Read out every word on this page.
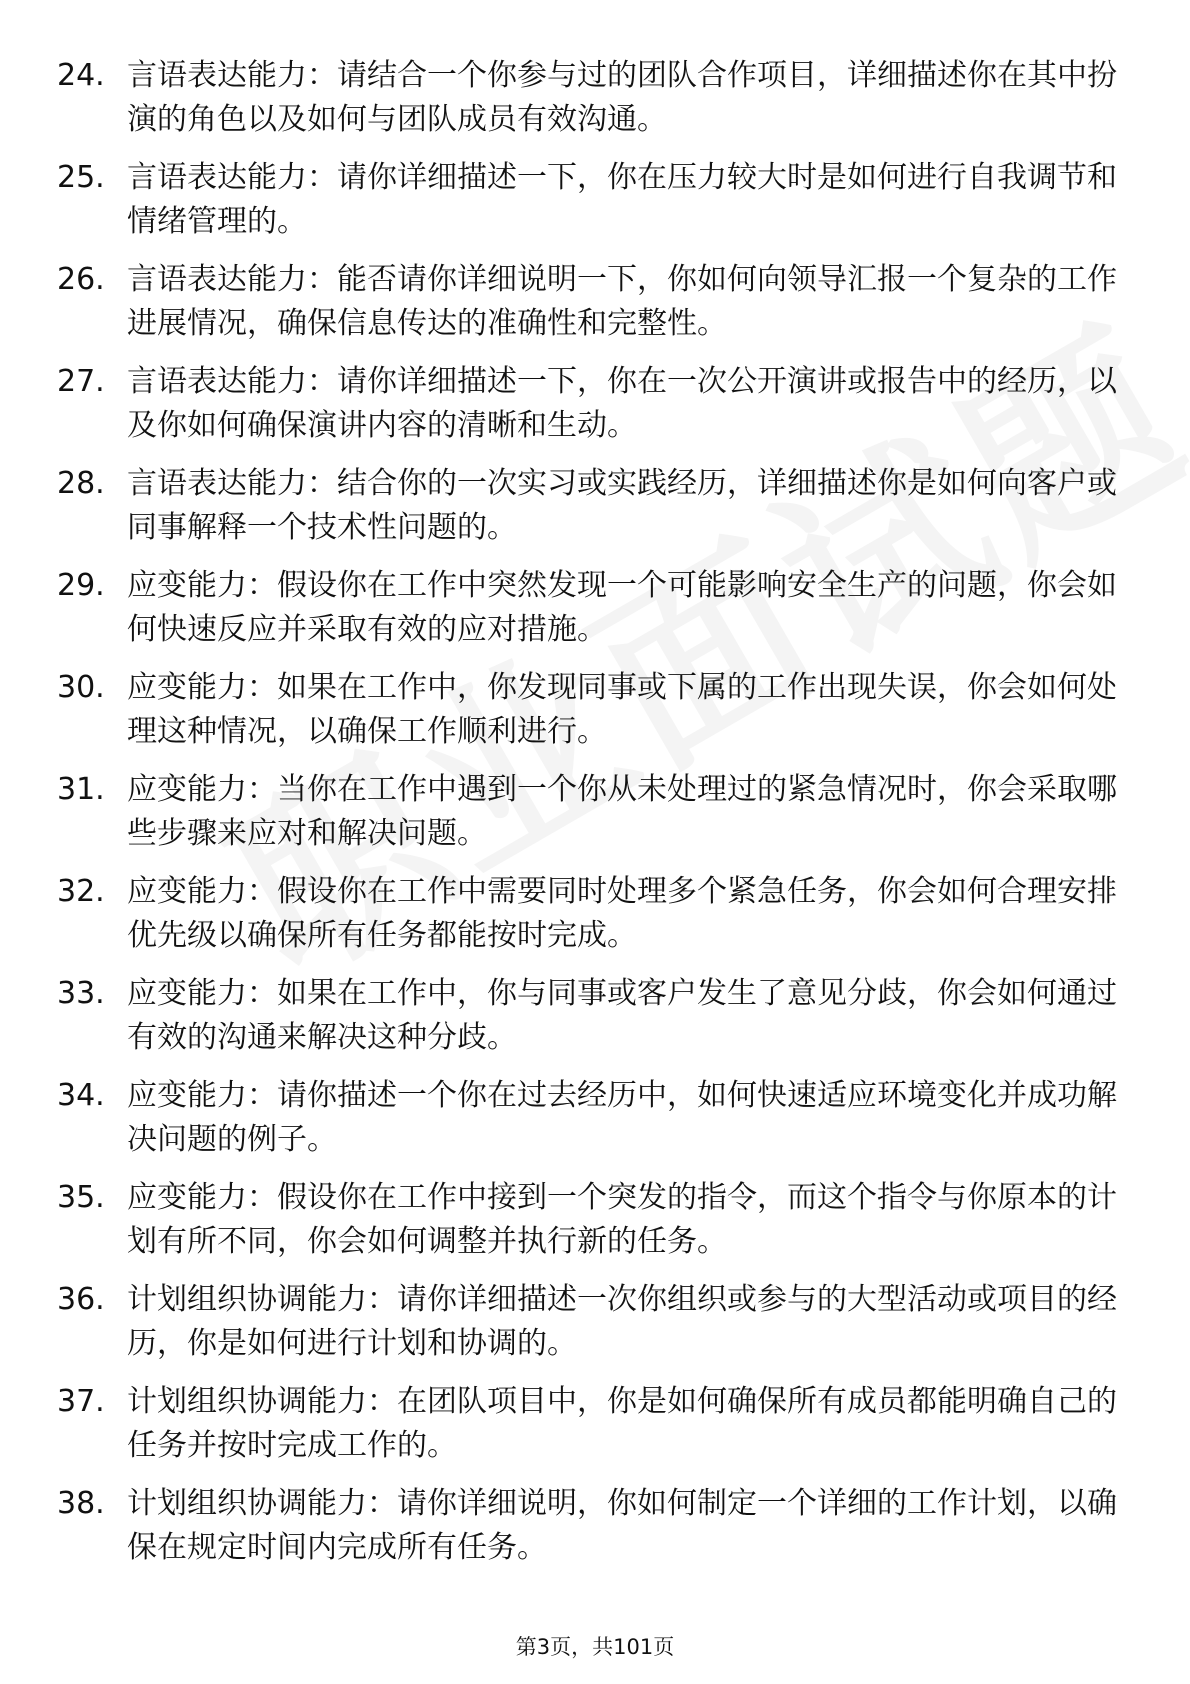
24. 言语表达能力：请结合一个你参与过的团队合作项目，详细描述你在其中扮演的角色以及如何与团队成员有效沟通。
25. 言语表达能力：请你详细描述一下，你在压力较大时是如何进行自我调节和情绪管理的。
26. 言语表达能力：能否请你详细说明一下，你如何向领导汇报一个复杂的工作进展情况，确保信息传达的准确性和完整性。
27. 言语表达能力：请你详细描述一下，你在一次公开演讲或报告中的经历，以及你如何确保演讲内容的清晰和生动。
28. 言语表达能力：结合你的一次实习或实践经历，详细描述你是如何向客户或同事解释一个技术性问题的。
29. 应变能力：假设你在工作中突然发现一个可能影响安全生产的问题，你会如何快速反应并采取有效的应对措施。
30. 应变能力：如果在工作中，你发现同事或下属的工作出现失误，你会如何处理这种情况，以确保工作顺利进行。
31. 应变能力：当你在工作中遇到一个你从未处理过的紧急情况时，你会采取哪些步骤来应对和解决问题。
32. 应变能力：假设你在工作中需要同时处理多个紧急任务，你会如何合理安排优先级以确保所有任务都能按时完成。
33. 应变能力：如果在工作中，你与同事或客户发生了意见分歧，你会如何通过有效的沟通来解决这种分歧。
34. 应变能力：请你描述一个你在过去经历中，如何快速适应环境变化并成功解决问题的例子。
35. 应变能力：假设你在工作中接到一个突发的指令，而这个指令与你原本的计划有所不同，你会如何调整并执行新的任务。
36. 计划组织协调能力：请你详细描述一次你组织或参与的大型活动或项目的经历，你是如何进行计划和协调的。
37. 计划组织协调能力：在团队项目中，你是如何确保所有成员都能明确自己的任务并按时完成工作的。
38. 计划组织协调能力：请你详细说明，你如何制定一个详细的工作计划，以确保在规定时间内完成所有任务。
第3页，共101页
